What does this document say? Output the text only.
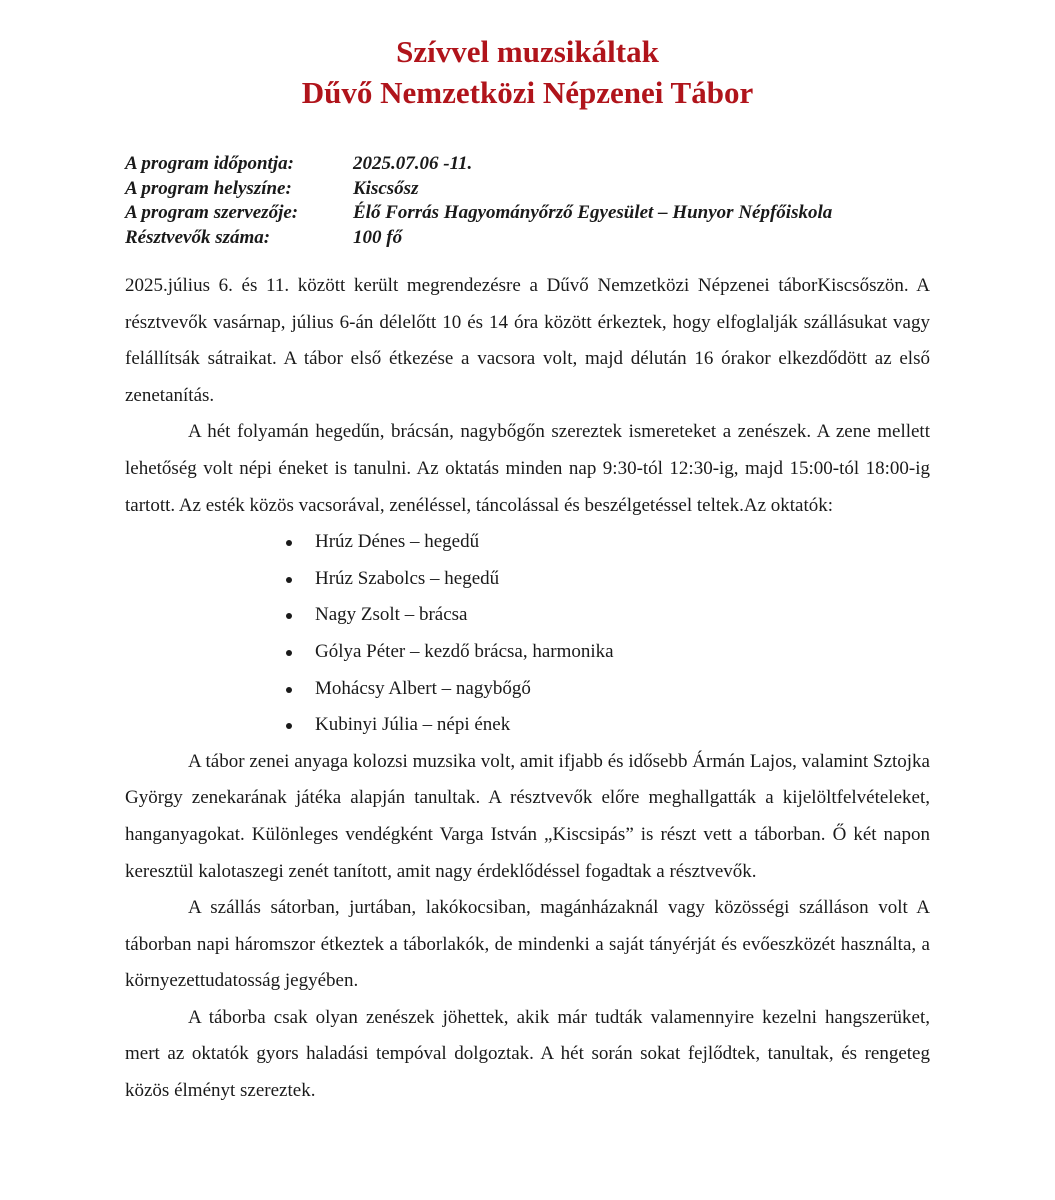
Szívvel muzsikáltak
Dűvő Nemzetközi Népzenei Tábor
A program időpontja:	2025.07.06 -11.
A program helyszíne:	Kiscsősz
A program szervezője:	Élő Forrás Hagyományőrző Egyesület – Hunyor Népfőiskola
Résztvevők száma:	100 fő

2025.július 6. és 11. között került megrendezésre a Dűvő Nemzetközi Népzenei táborKiscsőszön. A résztvevők vasárnap, július 6-án délelőtt 10 és 14 óra között érkeztek, hogy elfoglalják szállásukat vagy felállítsák sátraikat. A tábor első étkezése a vacsora volt, majd délután 16 órakor elkezdődött az első zenetanítás.

A hét folyamán hegedűn, brácsán, nagybőgőn szereztek ismereteket a zenészek. A zene mellett lehetőség volt népi éneket is tanulni. Az oktatás minden nap 9:30-tól 12:30-ig, majd 15:00-tól 18:00-ig tartott. Az esték közös vacsorával, zenéléssel, táncolással és beszélgetéssel teltek.Az oktatók:

Hrúz Dénes – hegedű
Hrúz Szabolcs – hegedű
Nagy Zsolt – brácsa
Gólya Péter – kezdő brácsa, harmonika
Mohácsy Albert – nagybőgő
Kubinyi Júlia – népi ének

A tábor zenei anyaga kolozsi muzsika volt, amit ifjabb és idősebb Ármán Lajos, valamint Sztojka György zenekarának játéka alapján tanultak. A résztvevők előre meghallgatták a kijelöltfelvételeket, hanganyagokat. Különleges vendégként Varga István „Kiscsipás” is részt vett a táborban. Ő két napon keresztül kalotaszegi zenét tanított, amit nagy érdeklődéssel fogadtak a résztvevők.

A szállás sátorban, jurtában, lakókocsiban, magánházaknál vagy közösségi szálláson volt A táborban napi háromszor étkeztek a táborlakók, de mindenki a saját tányérját és evőeszközét használta, a környezettudatosság jegyében.

A táborba csak olyan zenészek jöhettek, akik már tudták valamennyire kezelni hangszerüket, mert az oktatók gyors haladási tempóval dolgoztak. A hét során sokat fejlődtek, tanultak, és rengeteg közös élményt szereztek.
